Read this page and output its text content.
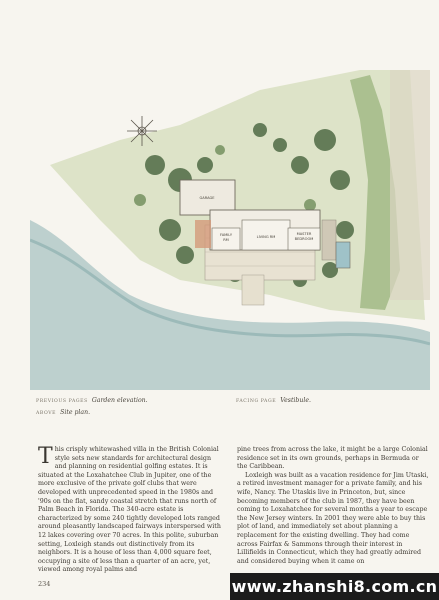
GARAGE
FAMILY
RM
LIVING RM
MASTER
BEDROOM
PREVIOUS PAGES Garden elevation.	FACING PAGE Vestibule.
ABOVE Site plan.

This crisply whitewashed villa in the British Colonial style sets new standards for architectural design and planning on residential golfing estates. It is situated at the Loxahatchee Club in Jupiter, one of the more exclusive of the private golf clubs that were developed with unprecedented speed in the 1980s and '90s on the flat, sandy coastal stretch that runs north of Palm Beach in Florida. The 340-acre estate is characterized by some 240 tightly developed lots ranged around pleasantly landscaped fairways interspersed with 12 lakes covering over 70 acres. In this polite, suburban setting, Loxleigh stands out distinctively from its neighbors. It is a house of less than 4,000 square feet, occupying a site of less than a quarter of an acre, yet, viewed among royal palms and

pine trees from across the lake, it might be a large Colonial residence set in its own grounds, perhaps in Bermuda or the Caribbean.

Loxleigh was built as a vacation residence for Jim Utaski, a retired investment manager for a private family, and his wife, Nancy. The Utaskis live in Princeton, but, since becoming members of the club in 1987, they have been coming to Loxahatchee for several months a year to escape the New Jersey winters. In 2001 they were able to buy this plot of land, and immediately set about planning a replacement for the existing dwelling. They had come across Fairfax & Sammons through their interest in Lillifields in Connecticut, which they had greatly admired and considered buying when it came on

234	www.zhanshi8.com.cn
